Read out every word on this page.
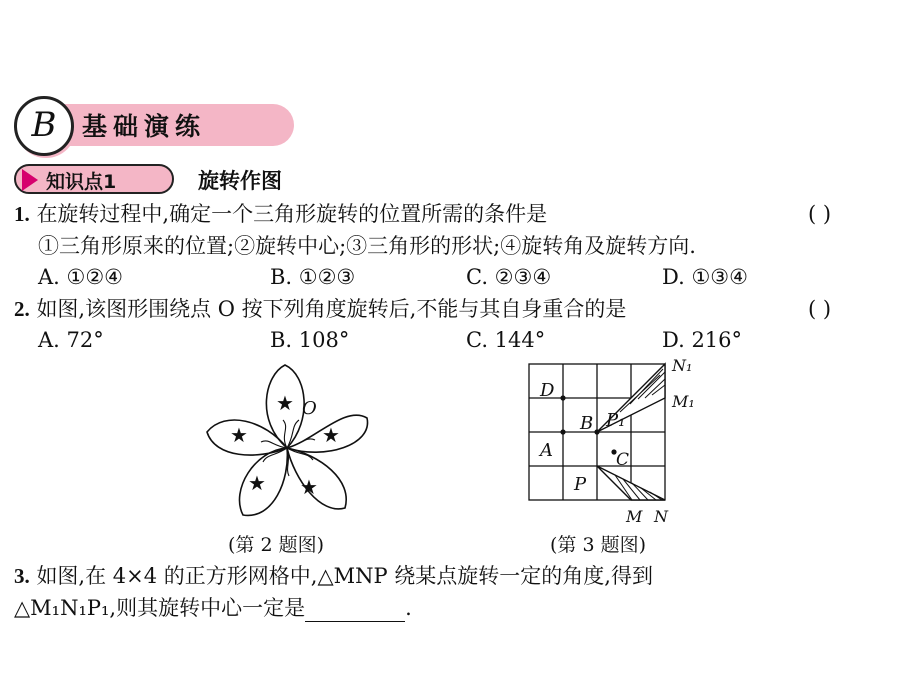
B	基础演练
知识点1	旋转作图
1. 在旋转过程中,确定一个三角形旋转的位置所需的条件是	( )
①三角形原来的位置;②旋转中心;③三角形的形状;④旋转角及旋转方向.
A. ①②④	B. ①②③	C. ②③④	D. ①③④
2. 如图,该图形围绕点 O 按下列角度旋转后,不能与其自身重合的是	( )
A. 72°	B. 108°	C. 144°	D. 216°
★
★
★ ★
★
O
(第 2 题图)
D
B P₁
A	C
P
N₁
M₁
M N
(第 3 题图)
3. 如图,在 4×4 的正方形网格中,△MNP 绕某点旋转一定的角度,得到
△M₁N₁P₁,则其旋转中心一定是	.
